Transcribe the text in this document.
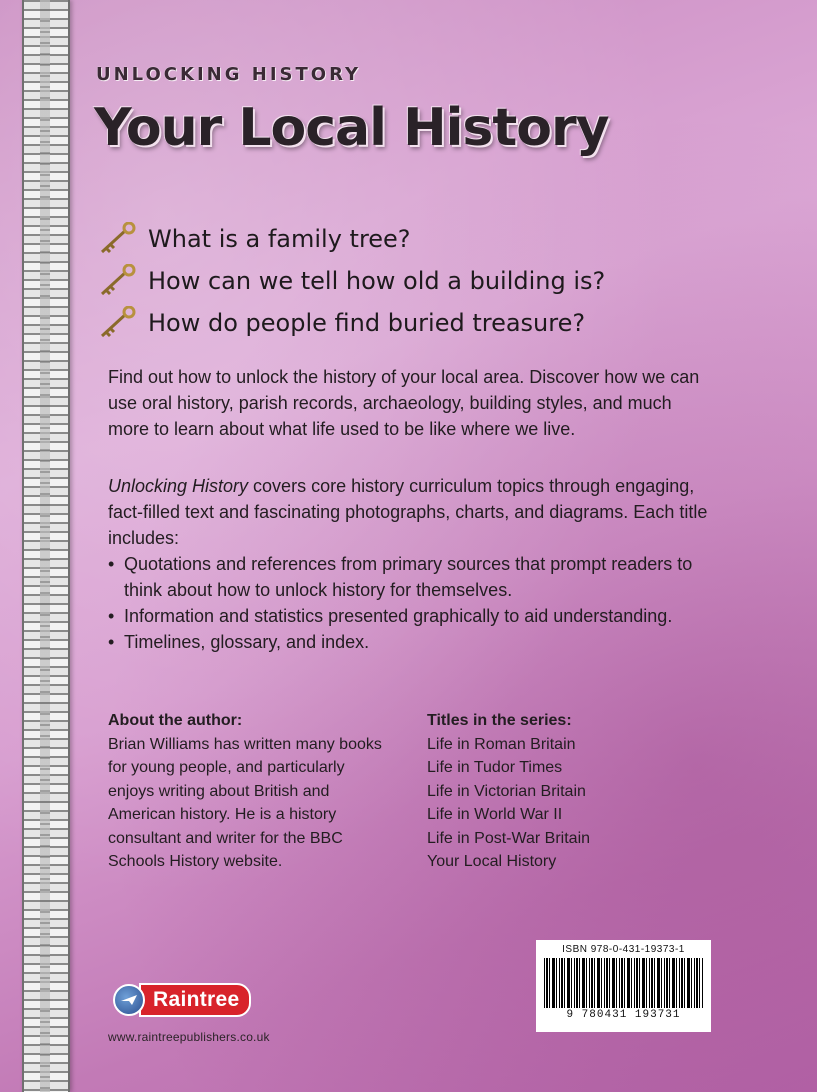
UNLOCKING HISTORY
Your Local History
What is a family tree?
How can we tell how old a building is?
How do people find buried treasure?
Find out how to unlock the history of your local area. Discover how we can use oral history, parish records, archaeology, building styles, and much more to learn about what life used to be like where we live.
Unlocking History covers core history curriculum topics through engaging, fact-filled text and fascinating photographs, charts, and diagrams. Each title includes:
• Quotations and references from primary sources that prompt readers to think about how to unlock history for themselves.
• Information and statistics presented graphically to aid understanding.
• Timelines, glossary, and index.
About the author:
Brian Williams has written many books for young people, and particularly enjoys writing about British and American history. He is a history consultant and writer for the BBC Schools History website.
Titles in the series:
Life in Roman Britain
Life in Tudor Times
Life in Victorian Britain
Life in World War II
Life in Post-War Britain
Your Local History
ISBN 978-0-431-19373-1
9 780431 193731
Raintree
www.raintreepublishers.co.uk
